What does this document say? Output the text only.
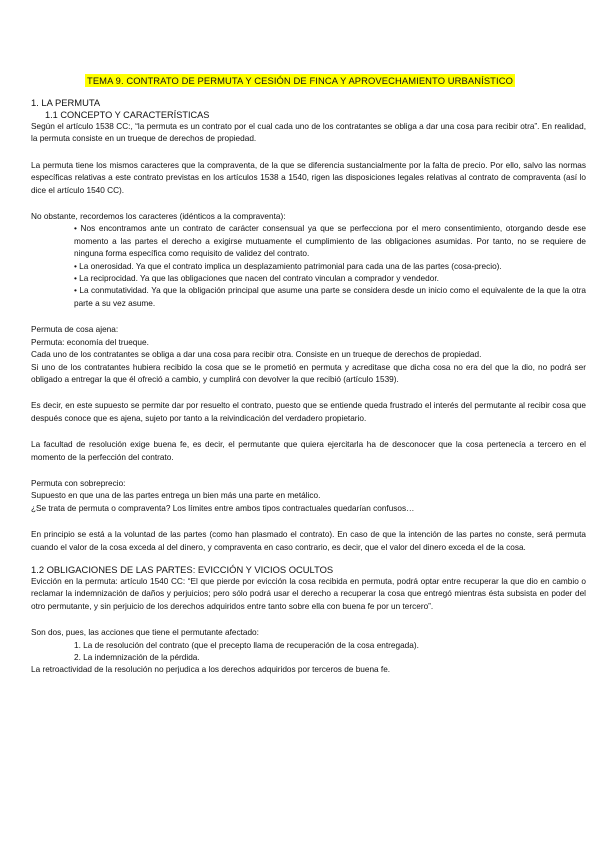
TEMA 9. CONTRATO DE PERMUTA Y CESIÓN DE FINCA Y APROVECHAMIENTO URBANÍSTICO

1. LA PERMUTA

1.1 CONCEPTO Y CARACTERÍSTICAS

Según el artículo 1538 CC:, “la permuta es un contrato por el cual cada uno de los contratantes se obliga a dar una cosa para recibir otra”. En realidad, la permuta consiste en un trueque de derechos de propiedad.

La permuta tiene los mismos caracteres que la compraventa, de la que se diferencia sustancialmente por la falta de precio. Por ello, salvo las normas específicas relativas a este contrato previstas en los artículos 1538 a 1540, rigen las disposiciones legales relativas al contrato de compraventa (así lo dice el artículo 1540 CC).

No obstante, recordemos los caracteres (idénticos a la compraventa):

• Nos encontramos ante un contrato de carácter consensual ya que se perfecciona por el mero consentimiento, otorgando desde ese momento a las partes el derecho a exigirse mutuamente el cumplimiento de las obligaciones asumidas. Por tanto, no se requiere de ninguna forma específica como requisito de validez del contrato.

• La onerosidad. Ya que el contrato implica un desplazamiento patrimonial para cada una de las partes (cosa-precio).

• La reciprocidad. Ya que las obligaciones que nacen del contrato vinculan a comprador y vendedor.

• La conmutatividad. Ya que la obligación principal que asume una parte se considera desde un inicio como el equivalente de la que la otra parte a su vez asume.

Permuta de cosa ajena:

Permuta: economía del trueque.

Cada uno de los contratantes se obliga a dar una cosa para recibir otra. Consiste en un trueque de derechos de propiedad.

Si uno de los contratantes hubiera recibido la cosa que se le prometió en permuta y acreditase que dicha cosa no era del que la dio, no podrá ser obligado a entregar la que él ofreció a cambio, y cumplirá con devolver la que recibió (artículo 1539).

Es decir, en este supuesto se permite dar por resuelto el contrato, puesto que se entiende queda frustrado el interés del permutante al recibir cosa que después conoce que es ajena, sujeto por tanto a la reivindicación del verdadero propietario.

La facultad de resolución exige buena fe, es decir, el permutante que quiera ejercitarla ha de desconocer que la cosa pertenecía a tercero en el momento de la perfección del contrato.

Permuta con sobreprecio:

Supuesto en que una de las partes entrega un bien más una parte en metálico.

¿Se trata de permuta o compraventa? Los límites entre ambos tipos contractuales quedarían confusos…

En principio se está a la voluntad de las partes (como han plasmado el contrato). En caso de que la intención de las partes no conste, será permuta cuando el valor de la cosa exceda al del dinero, y compraventa en caso contrario, es decir, que el valor del dinero exceda el de la cosa.

1.2 OBLIGACIONES DE LAS PARTES: EVICCIÓN Y VICIOS OCULTOS

Evicción en la permuta: artículo 1540 CC: “El que pierde por evicción la cosa recibida en permuta, podrá optar entre recuperar la que dio en cambio o reclamar la indemnización de daños y perjuicios; pero sólo podrá usar el derecho a recuperar la cosa que entregó mientras ésta subsista en poder del otro permutante, y sin perjuicio de los derechos adquiridos entre tanto sobre ella con buena fe por un tercero”.

Son dos, pues, las acciones que tiene el permutante afectado:

1. La de resolución del contrato (que el precepto llama de recuperación de la cosa entregada).

2. La indemnización de la pérdida.

La retroactividad de la resolución no perjudica a los derechos adquiridos por terceros de buena fe.
